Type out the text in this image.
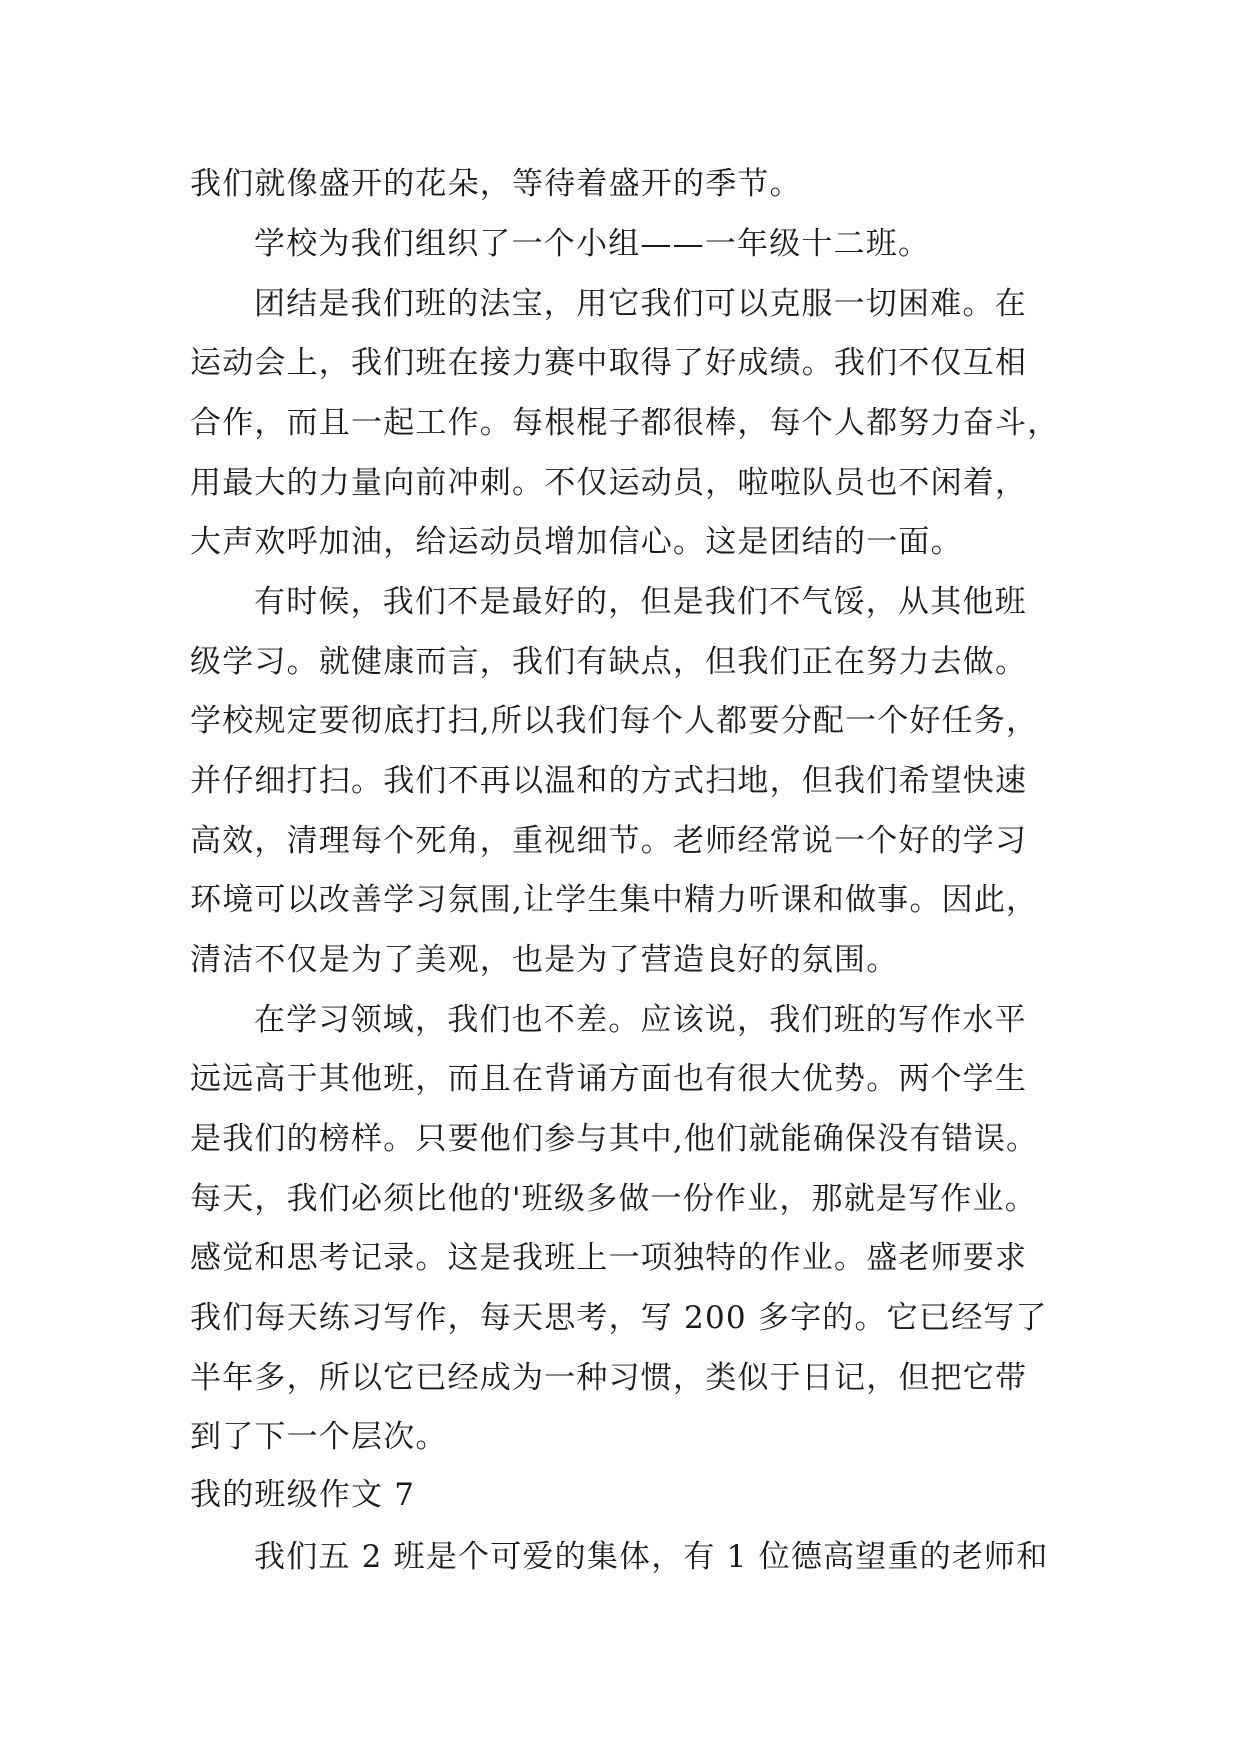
我们就像盛开的花朵，等待着盛开的季节。
学校为我们组织了一个小组——一年级十二班。
团结是我们班的法宝，用它我们可以克服一切困难。在
运动会上，我们班在接力赛中取得了好成绩。我们不仅互相
合作，而且一起工作。每根棍子都很棒，每个人都努力奋斗，
用最大的力量向前冲刺。不仅运动员，啦啦队员也不闲着，
大声欢呼加油，给运动员增加信心。这是团结的一面。
有时候，我们不是最好的，但是我们不气馁，从其他班
级学习。就健康而言，我们有缺点，但我们正在努力去做。
学校规定要彻底打扫,所以我们每个人都要分配一个好任务，
并仔细打扫。我们不再以温和的方式扫地，但我们希望快速
高效，清理每个死角，重视细节。老师经常说一个好的学习
环境可以改善学习氛围,让学生集中精力听课和做事。因此，
清洁不仅是为了美观，也是为了营造良好的氛围。
在学习领域，我们也不差。应该说，我们班的写作水平
远远高于其他班，而且在背诵方面也有很大优势。两个学生
是我们的榜样。只要他们参与其中,他们就能确保没有错误。
每天，我们必须比他的'班级多做一份作业，那就是写作业。
感觉和思考记录。这是我班上一项独特的作业。盛老师要求
我们每天练习写作，每天思考，写 200 多字的。它已经写了
半年多，所以它已经成为一种习惯，类似于日记，但把它带
到了下一个层次。
我的班级作文 7
我们五 2 班是个可爱的集体，有 1 位德高望重的老师和
